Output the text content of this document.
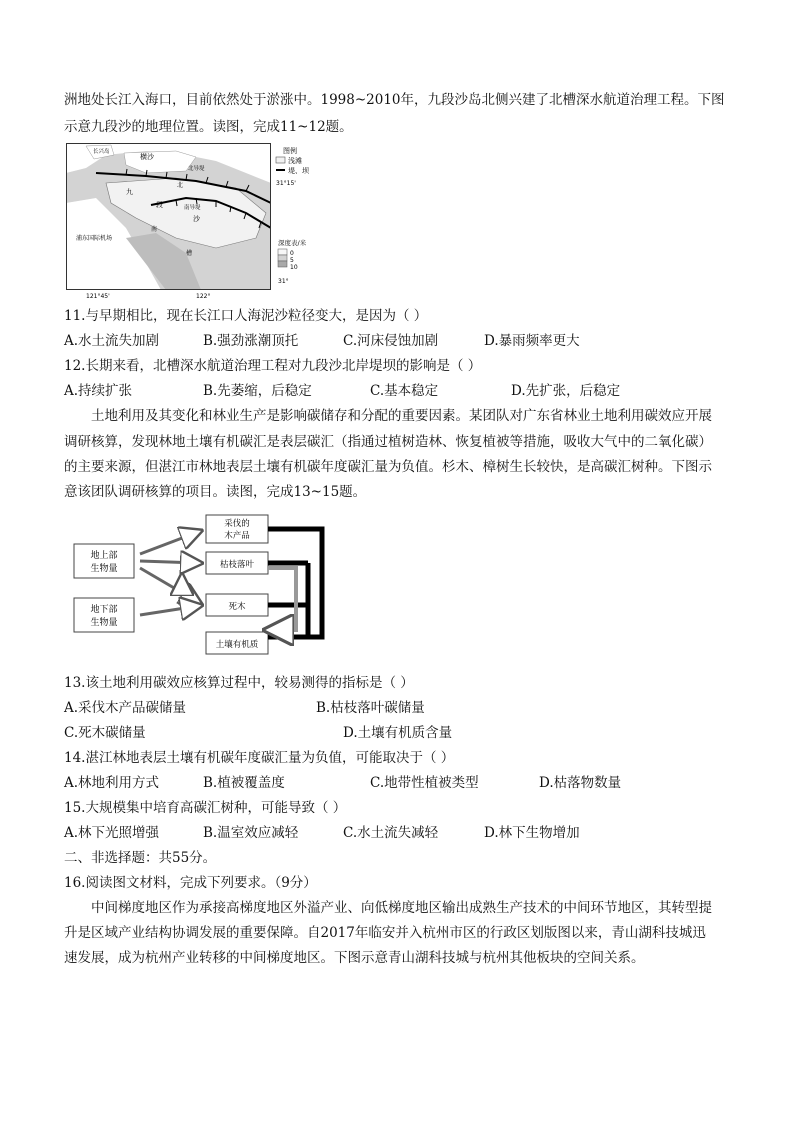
洲地处长江入海口，目前依然处于淤涨中。1998~2010年，九段沙岛北侧兴建了北槽深水航道治理工程。下图
示意九段沙的地理位置。读图，完成11~12题。
图例
浅滩
堤、坝
31°15'
深度表/米
0
5
10
31°
长兴岛
横沙
北导堤
北
九
段	南导堤
沙
南
槽
浦东国际机场
121°45'	122°
11.与早期相比，现在长江口人海泥沙粒径变大，是因为（ ）
A.水土流失加剧	B.强劲涨潮顶托	C.河床侵蚀加剧	D.暴雨频率更大
12.长期来看，北槽深水航道治理工程对九段沙北岸堤坝的影响是（ ）
A.持续扩张	B.先萎缩，后稳定	C.基本稳定	D.先扩张，后稳定
土地利用及其变化和林业生产是影响碳储存和分配的重要因素。某团队对广东省林业土地利用碳效应开展
调研核算，发现林地土壤有机碳汇是表层碳汇（指通过植树造林、恢复植被等措施，吸收大气中的二氧化碳）
的主要来源，但湛江市林地表层土壤有机碳年度碳汇量为负值。杉木、樟树生长较快，是高碳汇树种。下图示
意该团队调研核算的项目。读图，完成13~15题。
地上部
生物量
地下部
生物量
采伐的
木产品
枯枝落叶
死木
土壤有机质
13.该土地利用碳效应核算过程中，较易测得的指标是（ ）
A.采伐木产品碳储量	B.枯枝落叶碳储量
C.死木碳储量	D.土壤有机质含量
14.湛江林地表层土壤有机碳年度碳汇量为负值，可能取决于（ ）
A.林地利用方式	B.植被覆盖度	C.地带性植被类型	D.枯落物数量
15.大规模集中培育高碳汇树种，可能导致（ ）
A.林下光照增强	B.温室效应减轻	C.水土流失减轻	D.林下生物增加
二、非选择题：共55分。
16.阅读图文材料，完成下列要求。（9分）
中间梯度地区作为承接高梯度地区外溢产业、向低梯度地区输出成熟生产技术的中间环节地区，其转型提
升是区域产业结构协调发展的重要保障。自2017年临安并入杭州市区的行政区划版图以来，青山湖科技城迅
速发展，成为杭州产业转移的中间梯度地区。下图示意青山湖科技城与杭州其他板块的空间关系。
